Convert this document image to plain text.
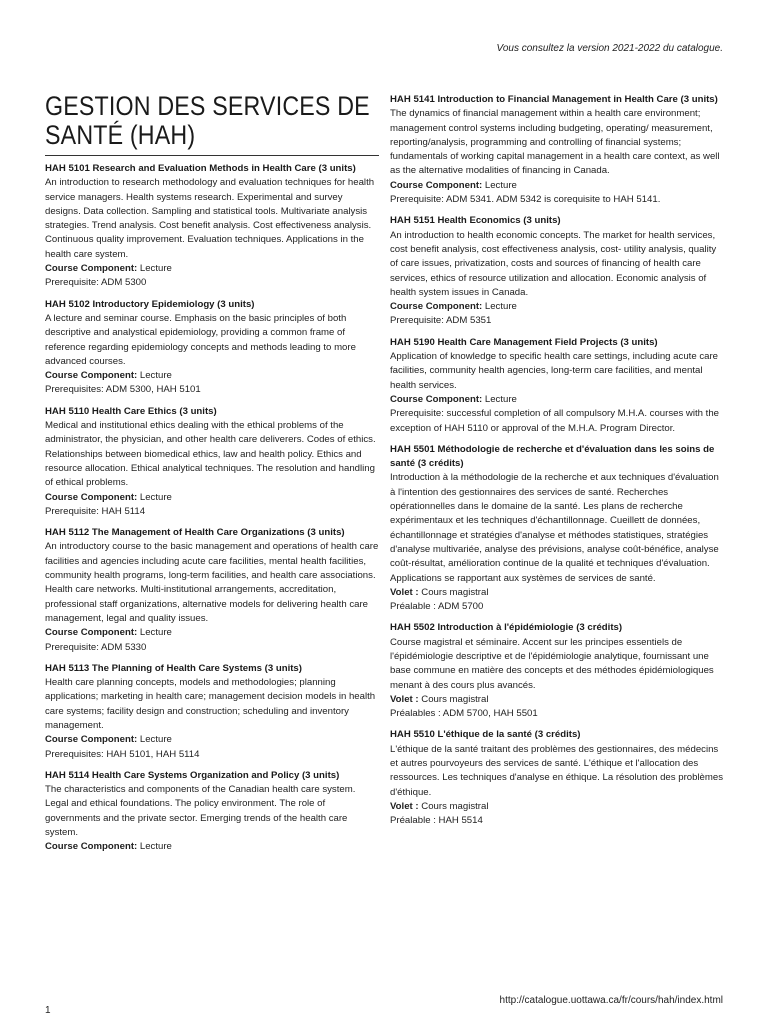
Vous consultez la version 2021-2022 du catalogue.
GESTION DES SERVICES DE SANTÉ (HAH)
HAH 5101 Research and Evaluation Methods in Health Care (3 units)
An introduction to research methodology and evaluation techniques for health service managers. Health systems research. Experimental and survey designs. Data collection. Sampling and statistical tools. Multivariate analysis strategies. Trend analysis. Cost benefit analysis. Cost effectiveness analysis. Continuous quality improvement. Evaluation techniques. Applications in the health care system.
Course Component: Lecture
Prerequisite: ADM 5300
HAH 5102 Introductory Epidemiology (3 units)
A lecture and seminar course. Emphasis on the basic principles of both descriptive and analystical epidemiology, providing a common frame of reference regarding epidemiology concepts and methods leading to more advanced courses.
Course Component: Lecture
Prerequisites: ADM 5300, HAH 5101
HAH 5110 Health Care Ethics (3 units)
Medical and institutional ethics dealing with the ethical problems of the administrator, the physician, and other health care deliverers. Codes of ethics. Relationships between biomedical ethics, law and health policy. Ethics and resource allocation. Ethical analytical techniques. The resolution and handling of ethical problems.
Course Component: Lecture
Prerequisite: HAH 5114
HAH 5112 The Management of Health Care Organizations (3 units)
An introductory course to the basic management and operations of health care facilities and agencies including acute care facilities, mental health facilities, community health programs, long-term facilities, and health care associations. Health care networks. Multi-institutional arrangements, accreditation, professional staff organizations, alternative models for delivering health care management, legal and quality issues.
Course Component: Lecture
Prerequisite: ADM 5330
HAH 5113 The Planning of Health Care Systems (3 units)
Health care planning concepts, models and methodologies; planning applications; marketing in health care; management decision models in health care systems; facility design and construction; scheduling and inventory management.
Course Component: Lecture
Prerequisites: HAH 5101, HAH 5114
HAH 5114 Health Care Systems Organization and Policy (3 units)
The characteristics and components of the Canadian health care system. Legal and ethical foundations. The policy environment. The role of governments and the private sector. Emerging trends of the health care system.
Course Component: Lecture
HAH 5141 Introduction to Financial Management in Health Care (3 units)
The dynamics of financial management within a health care environment; management control systems including budgeting, operating/ measurement, reporting/analysis, programming and controlling of financial systems; fundamentals of working capital management in a health care context, as well as the alternative modalities of financing in Canada.
Course Component: Lecture
Prerequisite: ADM 5341. ADM 5342 is corequisite to HAH 5141.
HAH 5151 Health Economics (3 units)
An introduction to health economic concepts. The market for health services, cost benefit analysis, cost effectiveness analysis, cost- utility analysis, quality of care issues, privatization, costs and sources of financing of health care services, ethics of resource utilization and allocation. Economic analysis of health system issues in Canada.
Course Component: Lecture
Prerequisite: ADM 5351
HAH 5190 Health Care Management Field Projects (3 units)
Application of knowledge to specific health care settings, including acute care facilities, community health agencies, long-term care facilities, and mental health services.
Course Component: Lecture
Prerequisite: successful completion of all compulsory M.H.A. courses with the exception of HAH 5110 or approval of the M.H.A. Program Director.
HAH 5501 Méthodologie de recherche et d'évaluation dans les soins de santé (3 crédits)
Introduction à la méthodologie de la recherche et aux techniques d'évaluation à l'intention des gestionnaires des services de santé. Recherches opérationnelles dans le domaine de la santé. Les plans de recherche expérimentaux et les techniques d'échantillonnage. Cueillett de données, échantillonnage et stratégies d'analyse et méthodes statistiques, stratégies d'analyse multivariée, analyse des prévisions, analyse coût-bénéfice, analyse coût-résultat, amélioration continue de la qualité et techniques d'évaluation. Applications se rapportant aux systèmes de services de santé.
Volet : Cours magistral
Préalable : ADM 5700
HAH 5502 Introduction à l'épidémiologie (3 crédits)
Course magistral et séminaire. Accent sur les principes essentiels de l'épidémiologie descriptive et de l'épidémiologie analytique, fournissant une base commune en matière des concepts et des méthodes épidémiologiques menant à des cours plus avancés.
Volet : Cours magistral
Préalables : ADM 5700, HAH 5501
HAH 5510 L'éthique de la santé (3 crédits)
L'éthique de la santé traitant des problèmes des gestionnaires, des médecins et autres pourvoyeurs des services de santé. L'éthique et l'allocation des ressources. Les techniques d'analyse en éthique. La résolution des problèmes d'éthique.
Volet : Cours magistral
Préalable : HAH 5514
http://catalogue.uottawa.ca/fr/cours/hah/index.html
1
